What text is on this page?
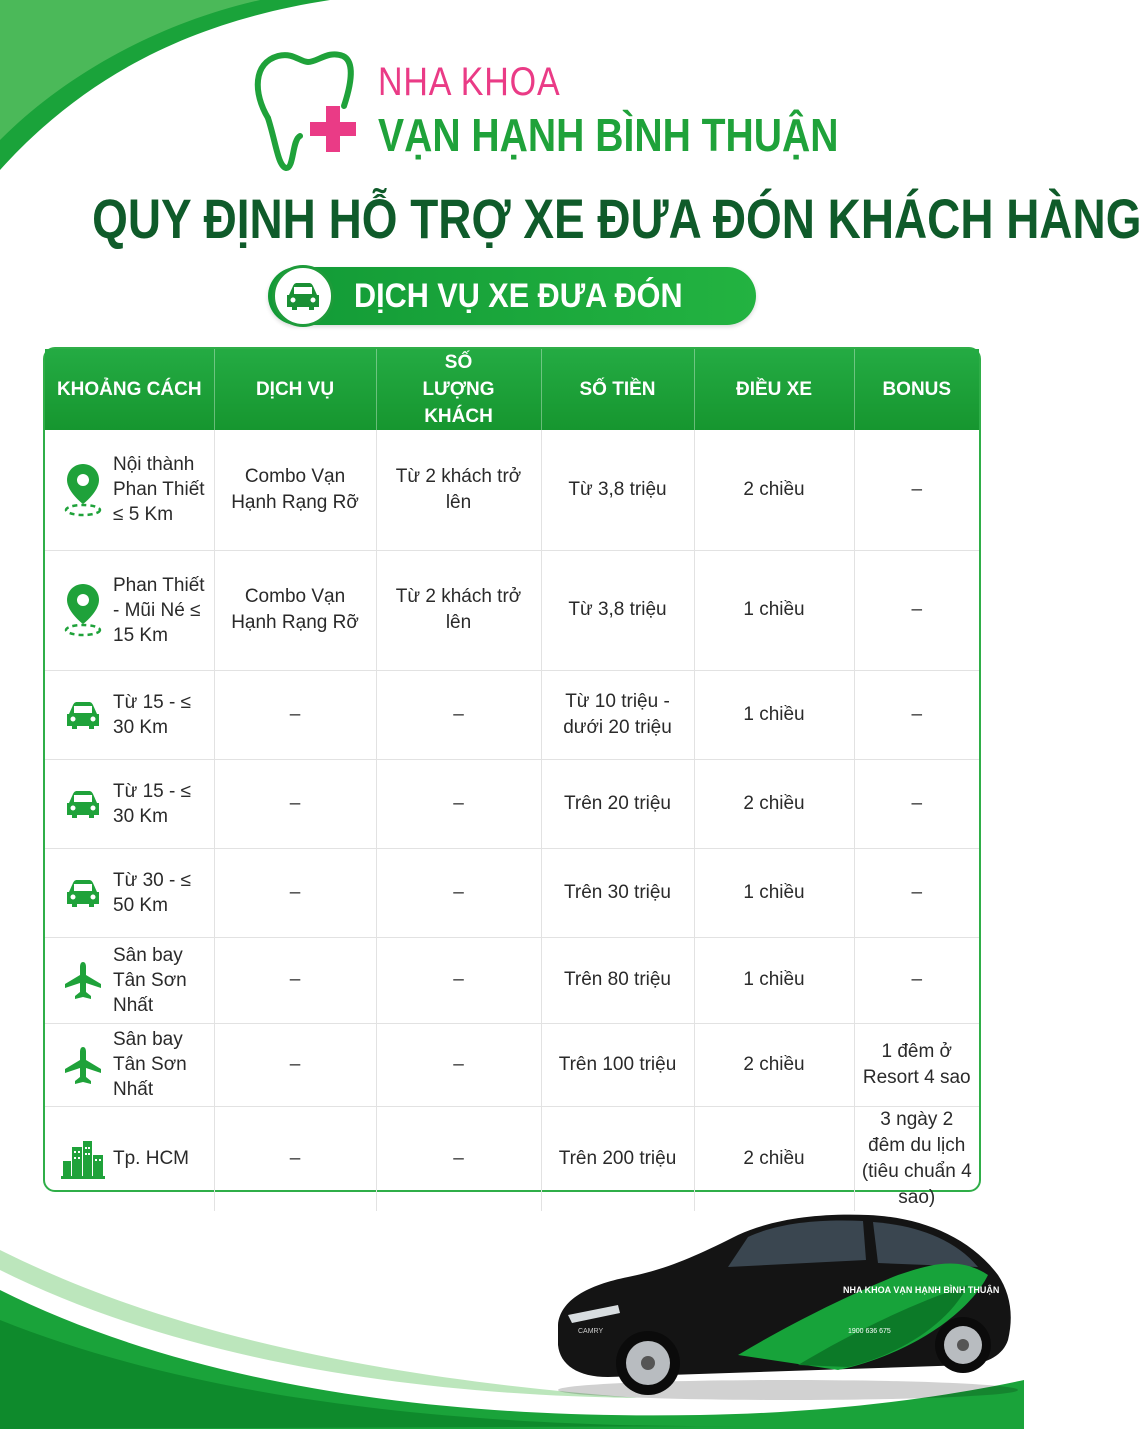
NHA KHOA
VẠN HẠNH BÌNH THUẬN
QUY ĐỊNH HỖ TRỢ XE ĐƯA ĐÓN KHÁCH HÀNG
DỊCH VỤ XE ĐƯA ĐÓN
KHOẢNG CÁCH	DỊCH VỤ	SỐ LƯỢNG KHÁCH	SỐ TIỀN	ĐIỀU XE	BONUS

Nội thành Phan Thiết ≤ 5 Km	Combo Vạn Hạnh Rạng Rỡ	Từ 2 khách trở lên	Từ 3,8 triệu	2 chiều	–

Phan Thiết - Mũi Né ≤ 15 Km	Combo Vạn Hạnh Rạng Rỡ	Từ 2 khách trở lên	Từ 3,8 triệu	1 chiều	–

Từ 15 - ≤ 30 Km	–	–	Từ 10 triệu - dưới 20 triệu	1 chiều	–

Từ 15 - ≤ 30 Km	–	–	Trên 20 triệu	2 chiều	–

Từ 30 - ≤ 50 Km	–	–	Trên 30 triệu	1 chiều	–

Sân bay Tân Sơn Nhất	–	–	Trên 80 triệu	1 chiều	–

Sân bay Tân Sơn Nhất	–	–	Trên 100 triệu	2 chiều	1 đêm ở Resort 4 sao

Tp. HCM	–	–	Trên 200 triệu	2 chiều	3 ngày 2 đêm du lịch (tiêu chuẩn 4 sao)
NHA KHOA VẠN HẠNH BÌNH THUẬN
1900 636 675
CAMRY
